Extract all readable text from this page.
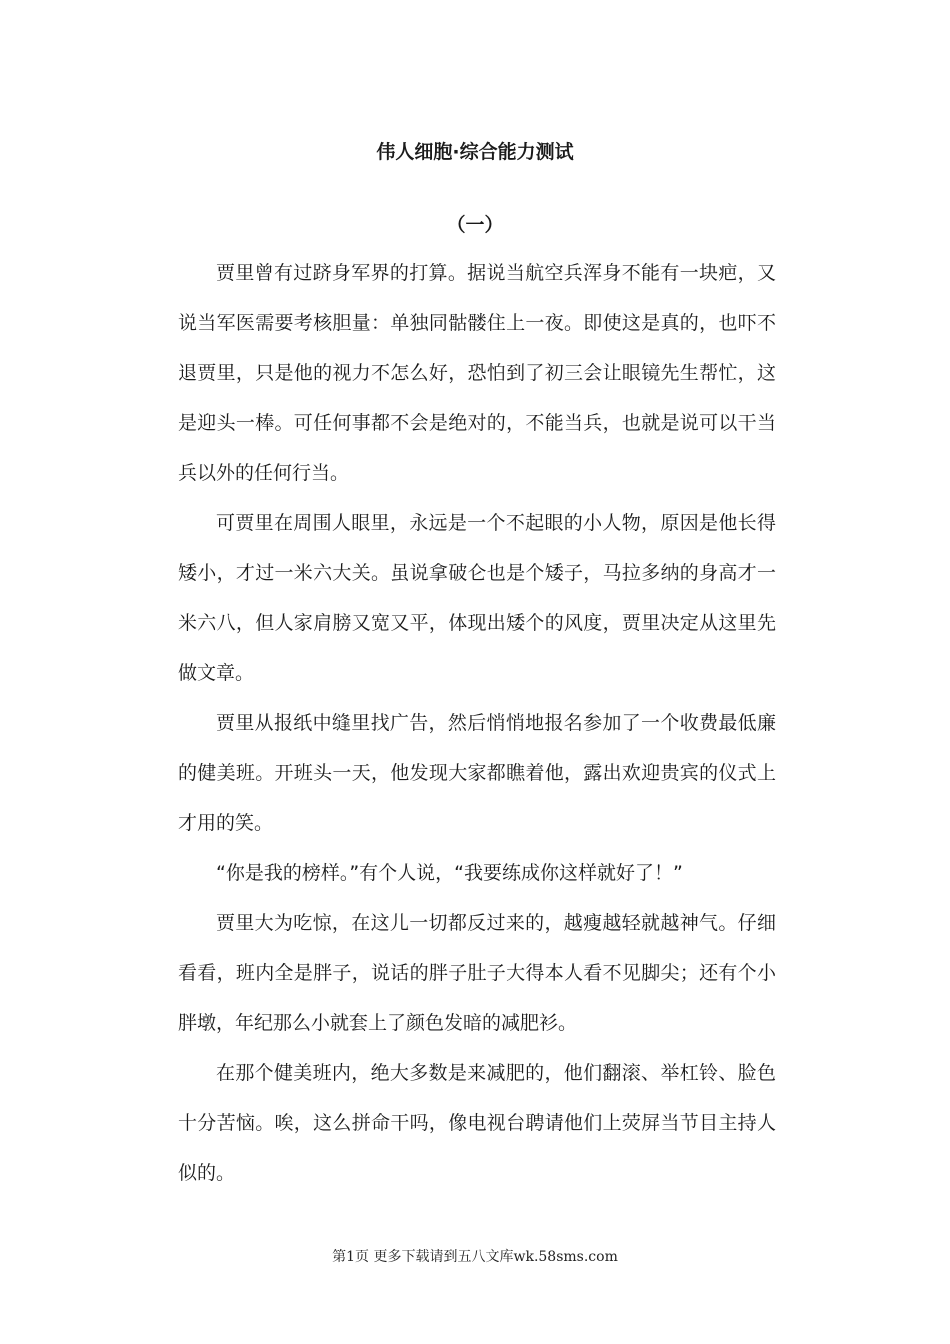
伟人细胞·综合能力测试
（一）

贾里曾有过跻身军界的打算。据说当航空兵浑身不能有一块疤，又说当军医需要考核胆量：单独同骷髅住上一夜。即使这是真的，也吓不退贾里，只是他的视力不怎么好，恐怕到了初三会让眼镜先生帮忙，这是迎头一棒。可任何事都不会是绝对的，不能当兵，也就是说可以干当兵以外的任何行当。

可贾里在周围人眼里，永远是一个不起眼的小人物，原因是他长得矮小，才过一米六大关。虽说拿破仑也是个矮子，马拉多纳的身高才一米六八，但人家肩膀又宽又平，体现出矮个的风度，贾里决定从这里先做文章。

贾里从报纸中缝里找广告，然后悄悄地报名参加了一个收费最低廉的健美班。开班头一天，他发现大家都瞧着他，露出欢迎贵宾的仪式上才用的笑。

“你是我的榜样。”有个人说，“我要练成你这样就好了！”

贾里大为吃惊，在这儿一切都反过来的，越瘦越轻就越神气。仔细看看，班内全是胖子，说话的胖子肚子大得本人看不见脚尖；还有个小胖墩，年纪那么小就套上了颜色发暗的减肥衫。

在那个健美班内，绝大多数是来减肥的，他们翻滚、举杠铃、脸色十分苦恼。唉，这么拼命干吗，像电视台聘请他们上荧屏当节目主持人似的。

第1页 更多下载请到五八文库wk.58sms.com
